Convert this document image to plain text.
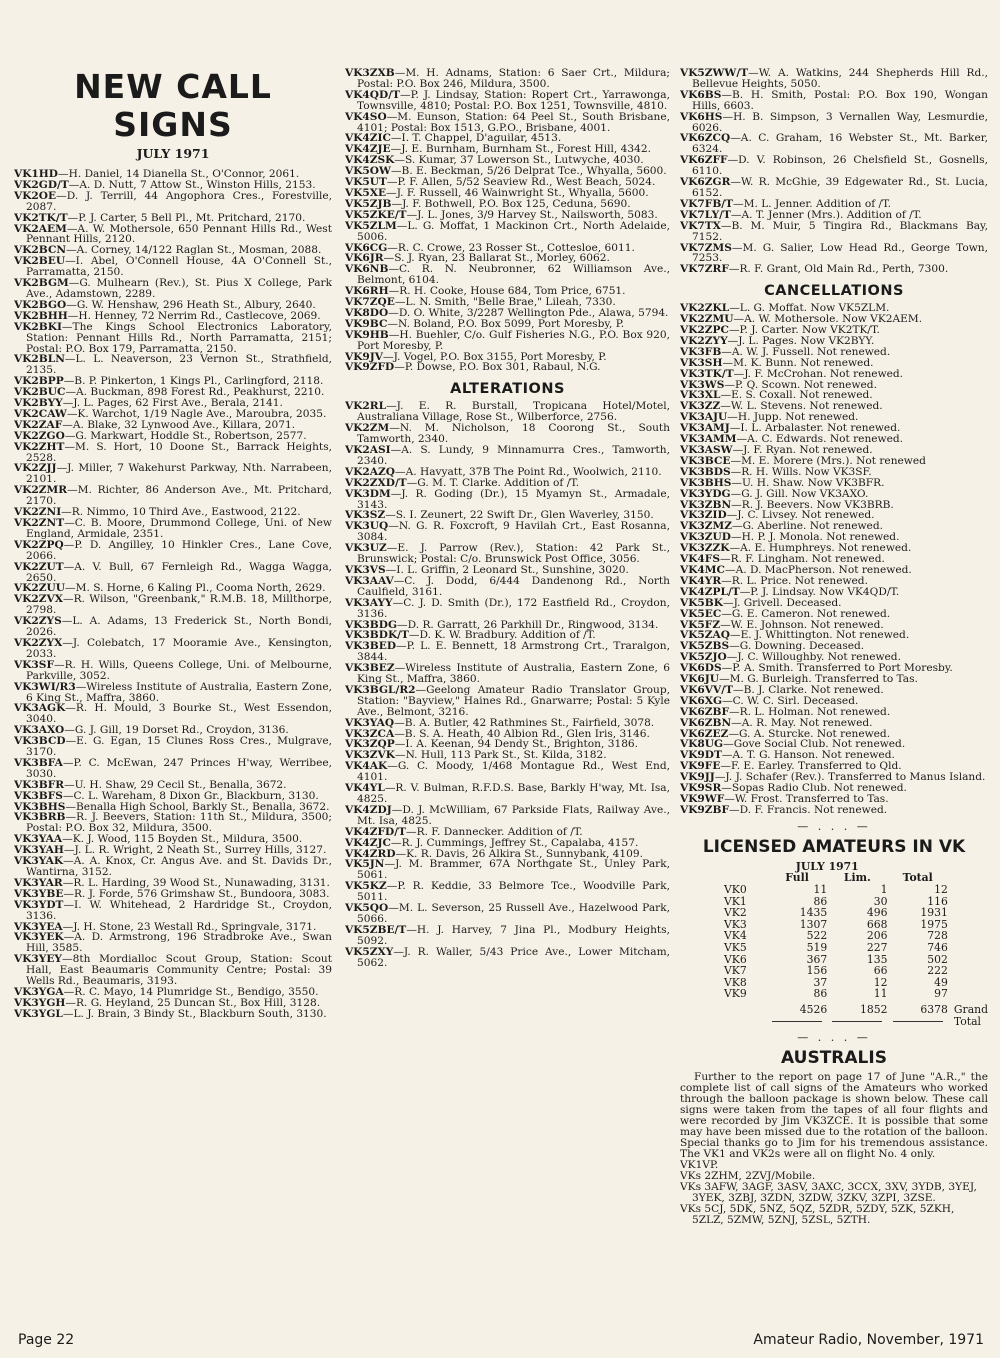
NEW CALL SIGNS
JULY 1971

VK1HD—H. Daniel, 14 Dianella St., O'Connor, 2061.

VK2GD/T—A. D. Nutt, 7 Attow St., Winston Hills, 2153.

VK2OE—D. J. Terrill, 44 Angophora Cres., Forestville, 2087.

VK2TK/T—P. J. Carter, 5 Bell Pl., Mt. Pritchard, 2170.

VK2AEM—A. W. Mothersole, 650 Pennant Hills Rd., West Pennant Hills, 2120.

VK2BCN—A. Corney, 14/122 Raglan St., Mosman, 2088.

VK2BEU—I. Abel, O'Connell House, 4A O'Connell St., Parramatta, 2150.

VK2BGM—G. Mulhearn (Rev.), St. Pius X College, Park Ave., Adamstown, 2289.

VK2BGO—G. W. Henshaw, 296 Heath St., Albury, 2640.

VK2BHH—H. Henney, 72 Nerrim Rd., Castlecove, 2069.

VK2BKI—The Kings School Electronics Laboratory, Station: Pennant Hills Rd., North Parramatta, 2151; Postal: P.O. Box 179, Parramatta, 2150.

VK2BLN—L. L. Neaverson, 23 Vernon St., Strathfield, 2135.

VK2BPP—B. P. Pinkerton, 1 Kings Pl., Carlingford, 2118.

VK2BUC—A. Buckman, 898 Forest Rd., Peakhurst, 2210.

VK2BYY—J. L. Pages, 62 First Ave., Berala, 2141.

VK2CAW—K. Warchot, 1/19 Nagle Ave., Maroubra, 2035.

VK2ZAF—A. Blake, 32 Lynwood Ave., Killara, 2071.

VK2ZGO—G. Markwart, Hoddle St., Robertson, 2577.

VK2ZHT—M. S. Hort, 10 Doone St., Barrack Heights, 2528.

VK2ZJJ—J. Miller, 7 Wakehurst Parkway, Nth. Narrabeen, 2101.

VK2ZMR—M. Richter, 86 Anderson Ave., Mt. Pritchard, 2170.

VK2ZNI—R. Nimmo, 10 Third Ave., Eastwood, 2122.

VK2ZNT—C. B. Moore, Drummond College, Uni. of New England, Armidale, 2351.

VK2ZPQ—P. D. Angilley, 10 Hinkler Cres., Lane Cove, 2066.

VK2ZUT—A. V. Bull, 67 Fernleigh Rd., Wagga Wagga, 2650.

VK2ZUU—M. S. Horne, 6 Kaling Pl., Cooma North, 2629.

VK2ZVX—R. Wilson, "Greenbank," R.M.B. 18, Millthorpe, 2798.

VK2ZYS—L. A. Adams, 13 Frederick St., North Bondi, 2026.

VK2ZYX—J. Colebatch, 17 Mooramie Ave., Kensington, 2033.

VK3SF—R. H. Wills, Queens College, Uni. of Melbourne, Parkville, 3052.

VK3WI/R3—Wireless Institute of Australia, Eastern Zone, 6 King St., Maffra, 3860.

VK3AGK—R. H. Mould, 3 Bourke St., West Essendon, 3040.

VK3AXO—G. J. Gill, 19 Dorset Rd., Croydon, 3136.

VK3BCD—E. G. Egan, 15 Clunes Ross Cres., Mulgrave, 3170.

VK3BFA—P. C. McEwan, 247 Princes H'way, Werribee, 3030.

VK3BFR—U. H. Shaw, 29 Cecil St., Benalla, 3672.

VK3BFS—C. L. Wareham, 8 Dixon Gr., Blackburn, 3130.

VK3BHS—Benalla High School, Barkly St., Benalla, 3672.

VK3BRB—R. J. Beevers, Station: 11th St., Mildura, 3500; Postal: P.O. Box 32, Mildura, 3500.

VK3YAA—K. J. Wood, 115 Boyden St., Mildura, 3500.

VK3YAH—J. L. R. Wright, 2 Neath St., Surrey Hills, 3127.

VK3YAK—A. A. Knox, Cr. Angus Ave. and St. Davids Dr., Wantirna, 3152.

VK3YAR—R. L. Harding, 39 Wood St., Nunawading, 3131.

VK3YBE—R. J. Forde, 576 Grimshaw St., Bundoora, 3083.

VK3YDT—I. W. Whitehead, 2 Hardridge St., Croydon, 3136.

VK3YEA—J. H. Stone, 23 Westall Rd., Springvale, 3171.

VK3YEK—A. D. Armstrong, 196 Stradbroke Ave., Swan Hill, 3585.

VK3YEY—8th Mordialloc Scout Group, Station: Scout Hall, East Beaumaris Community Centre; Postal: 39 Wells Rd., Beaumaris, 3193.

VK3YGA—R. C. Mayo, 14 Plumridge St., Bendigo, 3550.

VK3YGH—R. G. Heyland, 25 Duncan St., Box Hill, 3128.

VK3YGL—L. J. Brain, 3 Bindy St., Blackburn South, 3130.

VK3ZXB—M. H. Adnams, Station: 6 Saer Crt., Mildura; Postal: P.O. Box 246, Mildura, 3500.

VK4QD/T—P. J. Lindsay, Station: Ropert Crt., Yarrawonga, Townsville, 4810; Postal: P.O. Box 1251, Townsville, 4810.

VK4SO—M. Eunson, Station: 64 Peel St., South Brisbane, 4101; Postal: Box 1513, G.P.O., Brisbane, 4001.

VK4ZIC—I. T. Chappel, D'aguilar, 4513.

VK4ZJE—J. E. Burnham, Burnham St., Forest Hill, 4342.

VK4ZSK—S. Kumar, 37 Lowerson St., Lutwyche, 4030.

VK5OW—B. E. Beckman, 5/26 Delprat Tce., Whyalla, 5600.

VK5UT—P. F. Allen, 5/52 Seaview Rd., West Beach, 5024.

VK5XE—J. F. Russell, 46 Wainwright St., Whyalla, 5600.

VK5ZJB—J. F. Bothwell, P.O. Box 125, Ceduna, 5690.

VK5ZKE/T—J. L. Jones, 3/9 Harvey St., Nailsworth, 5083.

VK5ZLM—L. G. Moffat, 1 Mackinon Crt., North Adelaide, 5006.

VK6CG—R. C. Crowe, 23 Rosser St., Cottesloe, 6011.

VK6JR—S. J. Ryan, 23 Ballarat St., Morley, 6062.

VK6NB—C. R. N. Neubronner, 62 Williamson Ave., Belmont, 6104.

VK6RH—R. H. Cooke, House 684, Tom Price, 6751.

VK7ZQE—L. N. Smith, "Belle Brae," Lileah, 7330.

VK8DO—D. O. White, 3/2287 Wellington Pde., Alawa, 5794.

VK9BC—N. Boland, P.O. Box 5099, Port Moresby, P.

VK9HB—H. Buehler, C/o. Gulf Fisheries N.G., P.O. Box 920, Port Moresby, P.

VK9JV—J. Vogel, P.O. Box 3155, Port Moresby, P.

VK9ZFD—P. Dowse, P.O. Box 301, Rabaul, N.G.

ALTERATIONS

VK2RL—J. E. R. Burstall, Tropicana Hotel/Motel, Australiana Village, Rose St., Wilberforce, 2756.

VK2ZM—N. M. Nicholson, 18 Coorong St., South Tamworth, 2340.

VK2ASI—A. S. Lundy, 9 Minnamurra Cres., Tamworth, 2340.

VK2AZQ—A. Havyatt, 37B The Point Rd., Woolwich, 2110.

VK2ZXD/T—G. M. T. Clarke. Addition of /T.

VK3DM—J. R. Goding (Dr.), 15 Myamyn St., Armadale, 3143.

VK3SZ—S. I. Zeunert, 22 Swift Dr., Glen Waverley, 3150.

VK3UQ—N. G. R. Foxcroft, 9 Havilah Crt., East Rosanna, 3084.

VK3UZ—E. J. Parrow (Rev.), Station: 42 Park St., Brunswick; Postal: C/o. Brunswick Post Office, 3056.

VK3VS—I. L. Griffin, 2 Leonard St., Sunshine, 3020.

VK3AAV—C. J. Dodd, 6/444 Dandenong Rd., North Caulfield, 3161.

VK3AYY—C. J. D. Smith (Dr.), 172 Eastfield Rd., Croydon, 3136.

VK3BDG—D. R. Garratt, 26 Parkhill Dr., Ringwood, 3134.

VK3BDK/T—D. K. W. Bradbury. Addition of /T.

VK3BED—P. L. E. Bennett, 18 Armstrong Crt., Traralgon, 3844.

VK3BEZ—Wireless Institute of Australia, Eastern Zone, 6 King St., Maffra, 3860.

VK3BGL/R2—Geelong Amateur Radio Translator Group, Station: "Bayview," Haines Rd., Gnarwarre; Postal: 5 Kyle Ave., Belmont, 3216.

VK3YAQ—B. A. Butler, 42 Rathmines St., Fairfield, 3078.

VK3ZCA—B. S. A. Heath, 40 Albion Rd., Glen Iris, 3146.

VK3ZQP—I. A. Keenan, 94 Dendy St., Brighton, 3186.

VK3ZVK—N. Hull, 113 Park St., St. Kilda, 3182.

VK4AK—G. C. Moody, 1/468 Montague Rd., West End, 4101.

VK4YL—R. V. Bulman, R.F.D.S. Base, Barkly H'way, Mt. Isa, 4825.

VK4ZDJ—D. J. McWilliam, 67 Parkside Flats, Railway Ave., Mt. Isa, 4825.

VK4ZFD/T—R. F. Dannecker. Addition of /T.

VK4ZJC—R. J. Cummings, Jeffrey St., Capalaba, 4157.

VK4ZRD—K. R. Davis, 26 Alkira St., Sunnybank, 4109.

VK5JN—J. M. Brammer, 67A Northgate St., Unley Park, 5061.

VK5KZ—P. R. Keddie, 33 Belmore Tce., Woodville Park, 5011.

VK5QO—M. L. Severson, 25 Russell Ave., Hazelwood Park, 5066.

VK5ZBE/T—H. J. Harvey, 7 Jina Pl., Modbury Heights, 5092.

VK5ZXY—J. R. Waller, 5/43 Price Ave., Lower Mitcham, 5062.

VK5ZWW/T—W. A. Watkins, 244 Shepherds Hill Rd., Bellevue Heights, 5050.

VK6BS—B. H. Smith, Postal: P.O. Box 190, Wongan Hills, 6603.

VK6HS—H. B. Simpson, 3 Vernallen Way, Lesmurdie, 6026.

VK6ZCQ—A. C. Graham, 16 Webster St., Mt. Barker, 6324.

VK6ZFF—D. V. Robinson, 26 Chelsfield St., Gosnells, 6110.

VK6ZGR—W. R. McGhie, 39 Edgewater Rd., St. Lucia, 6152.

VK7FB/T—M. L. Jenner. Addition of /T.

VK7LY/T—A. T. Jenner (Mrs.). Addition of /T.

VK7TX—B. M. Muir, 5 Tingira Rd., Blackmans Bay, 7152.

VK7ZMS—M. G. Salier, Low Head Rd., George Town, 7253.

VK7ZRF—R. F. Grant, Old Main Rd., Perth, 7300.

CANCELLATIONS

VK2ZKL—L. G. Moffat. Now VK5ZLM.

VK2ZMU—A. W. Mothersole. Now VK2AEM.

VK2ZPC—P. J. Carter. Now VK2TK/T.

VK2ZYY—J. L. Pages. Now VK2BYY.

VK3FB—A. W. J. Fussell. Not renewed.

VK3SH—M. K. Bunn. Not renewed.

VK3TK/T—J. F. McCrohan. Not renewed.

VK3WS—P. Q. Scown. Not renewed.

VK3XL—E. S. Coxall. Not renewed.

VK3ZZ—W. L. Stevens. Not renewed.

VK3AJU—H. Jupp. Not renewed.

VK3AMJ—I. L. Arbalaster. Not renewed.

VK3AMM—A. C. Edwards. Not renewed.

VK3ASW—J. F. Ryan. Not renewed.

VK3BCE—M. E. Morere (Mrs.). Not renewed

VK3BDS—R. H. Wills. Now VK3SF.

VK3BHS—U. H. Shaw. Now VK3BFR.

VK3YDG—G. J. Gill. Now VK3AXO.

VK3ZBN—R. J. Beevers. Now VK3BRB.

VK3ZID—J. C. Livsey. Not renewed.

VK3ZMZ—G. Aberline. Not renewed.

VK3ZUD—H. P. J. Monola. Not renewed.

VK3ZZK—A. E. Humphreys. Not renewed.

VK4FS—R. F. Lingham. Not renewed.

VK4MC—A. D. MacPherson. Not renewed.

VK4YR—R. L. Price. Not renewed.

VK4ZPL/T—P. J. Lindsay. Now VK4QD/T.

VK5BK—J. Grivell. Deceased.

VK5EC—G. E. Cameron. Not renewed.

VK5FZ—W. E. Johnson. Not renewed.

VK5ZAQ—E. J. Whittington. Not renewed.

VK5ZBS—G. Downing. Deceased.

VK5ZJO—J. C. Willoughby. Not renewed.

VK6DS—P. A. Smith. Transferred to Port Moresby.

VK6JU—M. G. Burleigh. Transferred to Tas.

VK6VV/T—B. J. Clarke. Not renewed.

VK6XG—C. W. C. Sirl. Deceased.

VK6ZBF—R. L. Holman. Not renewed.

VK6ZBN—A. R. May. Not renewed.

VK6ZEZ—G. A. Sturcke. Not renewed.

VK8UG—Gove Social Club. Not renewed.

VK9DT—A. T. G. Hanson. Not renewed.

VK9FE—F. E. Earley. Transferred to Qld.

VK9JJ—J. J. Schafer (Rev.). Transferred to Manus Island.

VK9SR—Sopas Radio Club. Not renewed.

VK9WF—W. Frost. Transferred to Tas.

VK9ZBF—D. F. Francis. Not renewed.

— . . . —
LICENSED AMATEURS IN VK
	JULY 1971			
	Full	Lim.	Total	
VK0	11	1	12	
VK1	86	30	116	
VK2	1435	496	1931	
VK3	1307	668	1975	
VK4	522	206	728	
VK5	519	227	746	
VK6	367	135	502	
VK7	156	66	222	
VK8	37	12	49	
VK9	86	11	97	
	4526	1852	6378	Grand
				Total
— . . . —
AUSTRALIS

Further to the report on page 17 of June "A.R.," the complete list of call signs of the Amateurs who worked through the balloon package is shown below. These call signs were taken from the tapes of all four flights and were recorded by Jim VK3ZCE. It is possible that some may have been missed due to the rotation of the balloon. Special thanks go to Jim for his tremendous assistance. The VK1 and VK2s were all on flight No. 4 only.

VK1VP.

VKs 2ZHM, 2ZVJ/Mobile.

VKs 3AFW, 3AGF, 3ASV, 3AXC, 3CCX, 3XV, 3YDB, 3YEJ, 3YEK, 3ZBJ, 3ZDN, 3ZDW, 3ZKV, 3ZPI, 3ZSE.

VKs 5CJ, 5DK, 5NZ, 5QZ, 5ZDR, 5ZDY, 5ZK, 5ZKH, 5ZLZ, 5ZMW, 5ZNJ, 5ZSL, 5ZTH.

Page 22	Amateur Radio, November, 1971
